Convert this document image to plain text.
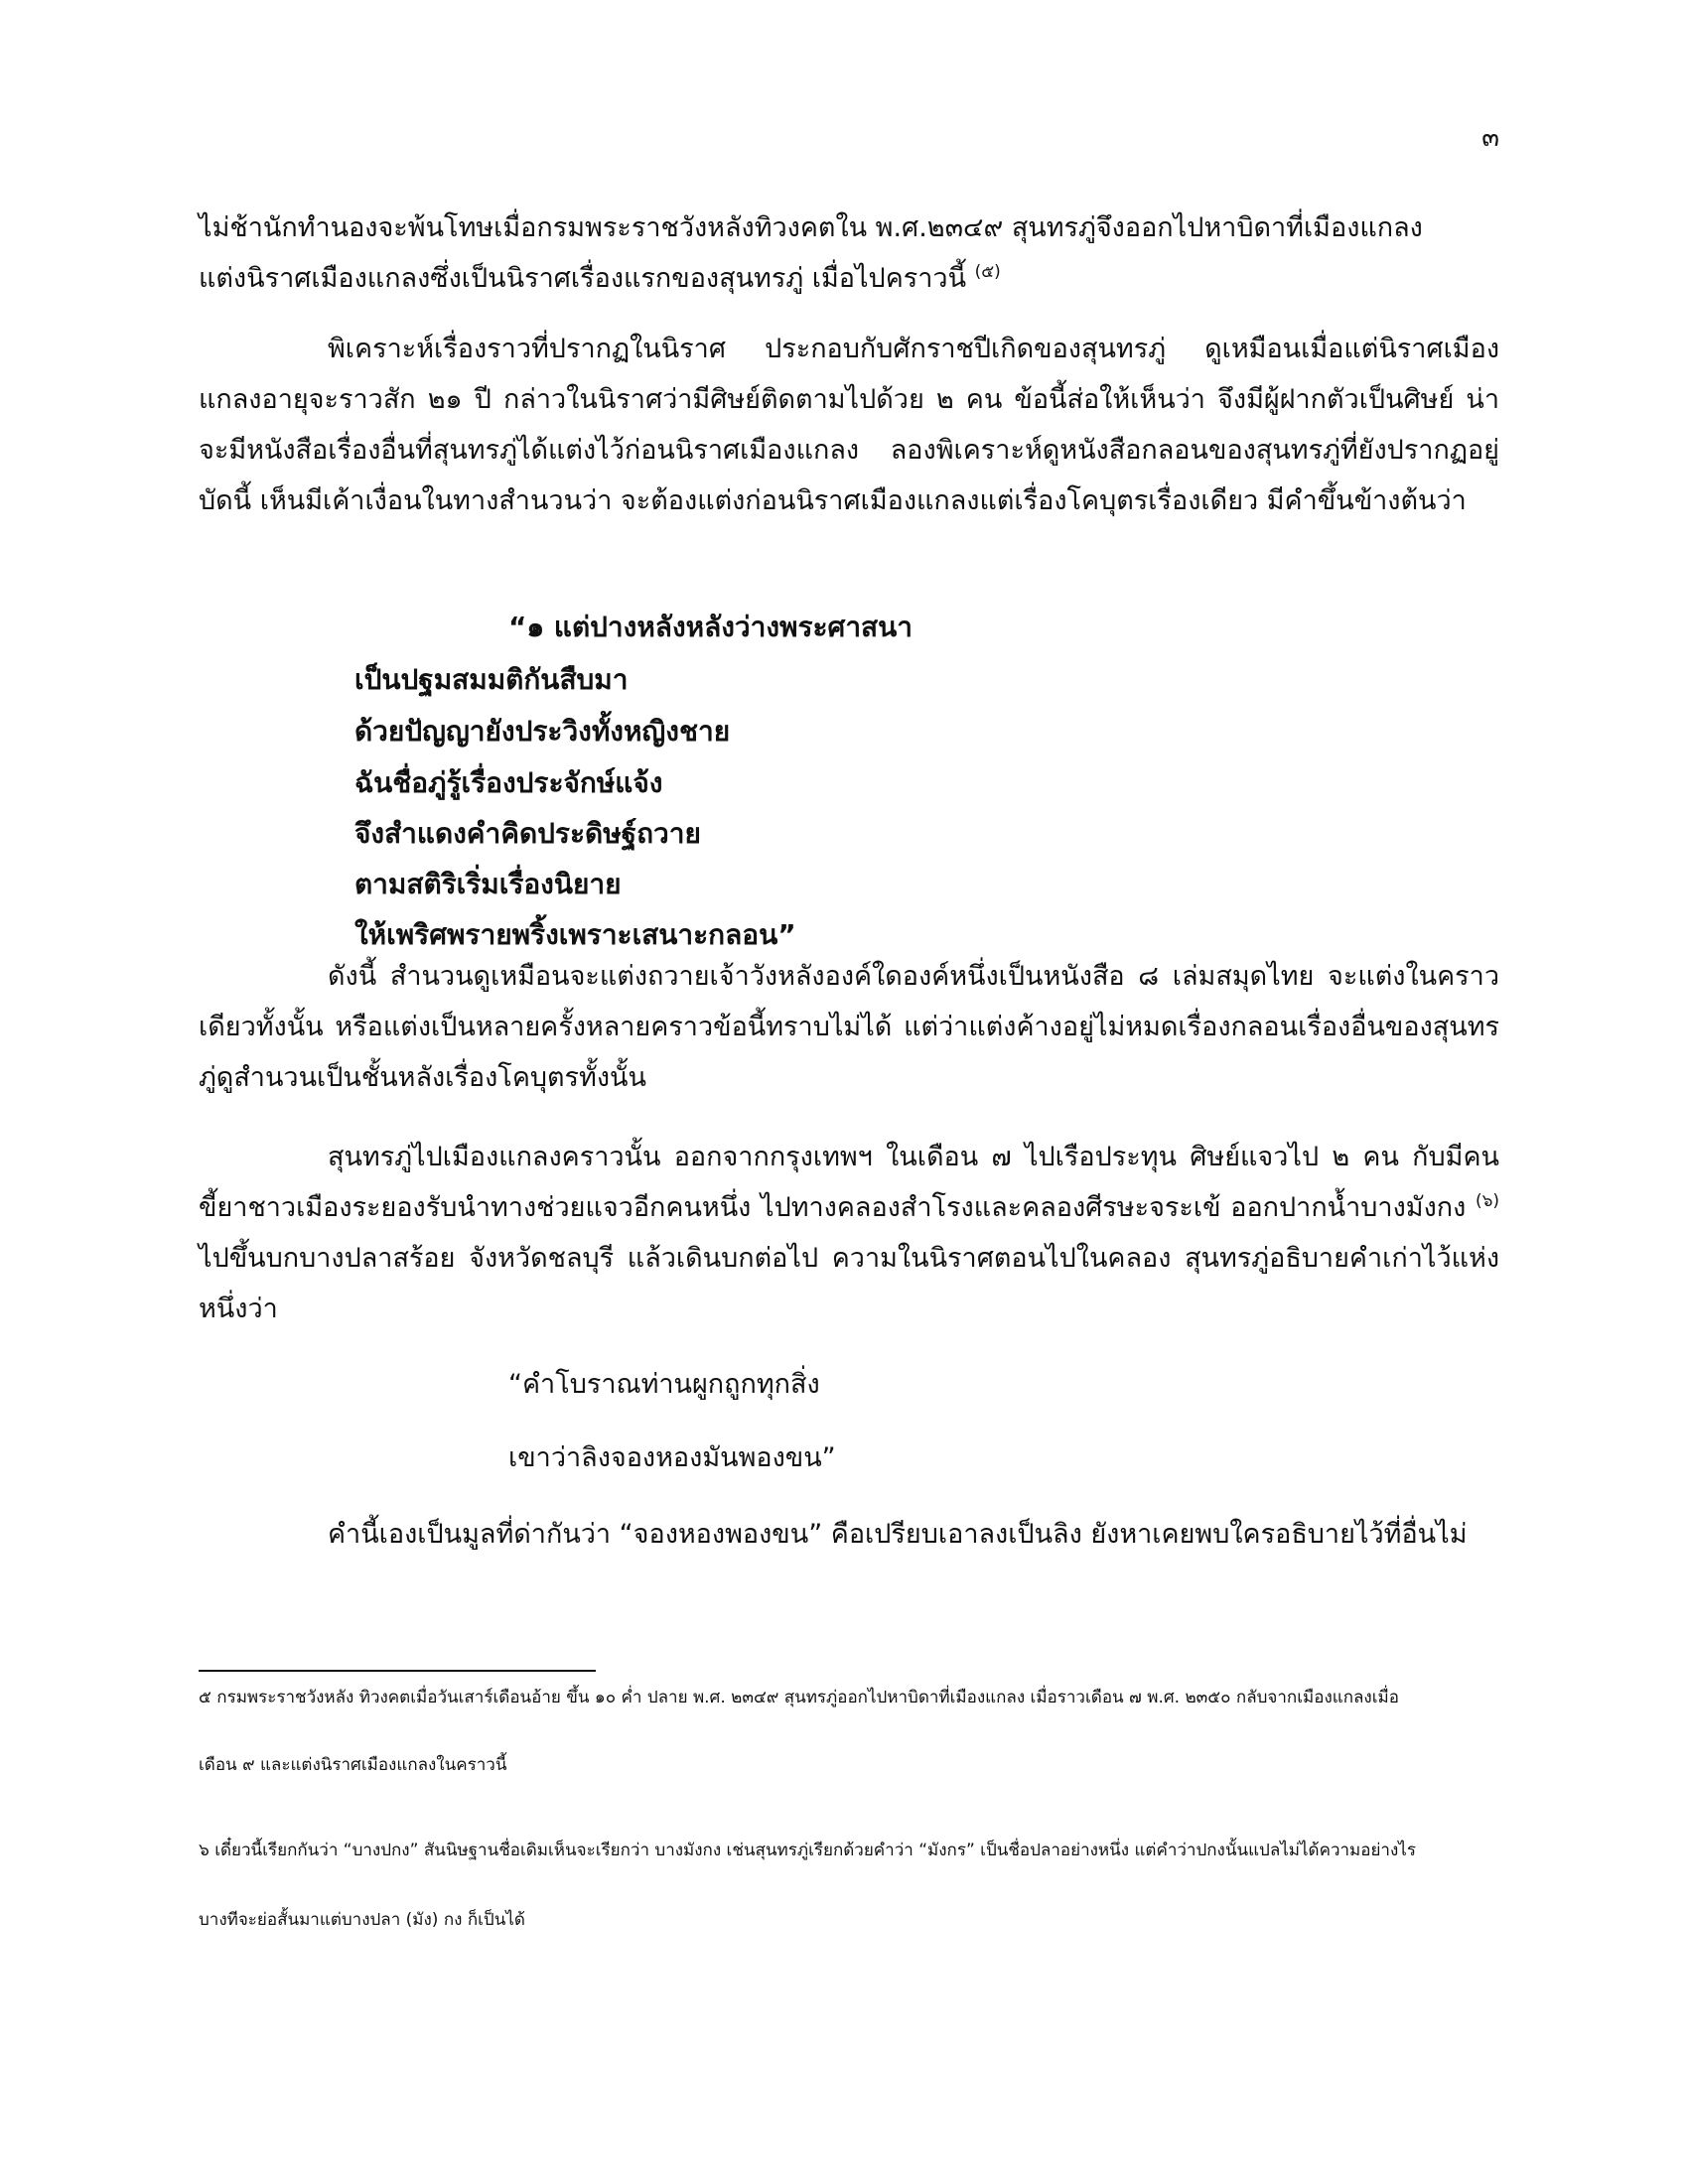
๓
ไม่ช้านักทำนองจะพ้นโทษเมื่อกรมพระราชวังหลังทิวงคตใน พ.ศ.๒๓๔๙ สุนทรภู่จึงออกไปหาบิดาที่เมืองแกลง
แต่งนิราศเมืองแกลงซึ่งเป็นนิราศเรื่องแรกของสุนทรภู่ เมื่อไปคราวนี้ $^{(๕)}$

พิเคราะห์เรื่องราวที่ปรากฏในนิราศ ประกอบกับศักราชปีเกิดของสุนทรภู่ ดูเหมือนเมื่อแต่นิราศเมืองแกลงอายุจะราวสัก ๒๑ ปี กล่าวในนิราศว่ามีศิษย์ติดตามไปด้วย ๒ คน ข้อนี้ส่อให้เห็นว่า จึงมีผู้ฝากตัวเป็นศิษย์ น่าจะมีหนังสือเรื่องอื่นที่สุนทรภู่ได้แต่งไว้ก่อนนิราศเมืองแกลง ลองพิเคราะห์ดูหนังสือกลอนของสุนทรภู่ที่ยังปรากฏอยู่ บัดนี้ เห็นมีเค้าเงื่อนในทางสำนวนว่า จะต้องแต่งก่อนนิราศเมืองแกลงแต่เรื่องโคบุตรเรื่องเดียว มีคำขึ้นข้างต้นว่า

“๑ แต่ปางหลังหลังว่างพระศาสนา
เป็นปฐมสมมติกันสืบมา
ด้วยปัญญายังประวิงทั้งหญิงชาย
ฉันชื่อภู่รู้เรื่องประจักษ์แจ้ง
จึงสำแดงคำคิดประดิษฐ์ถวาย
ตามสติริเริ่มเรื่องนิยาย
ให้เพริศพรายพริ้งเพราะเสนาะกลอน”

ดังนี้ สำนวนดูเหมือนจะแต่งถวายเจ้าวังหลังองค์ใดองค์หนึ่งเป็นหนังสือ ๘ เล่มสมุดไทย จะแต่งในคราวเดียวทั้งนั้น หรือแต่งเป็นหลายครั้งหลายคราวข้อนี้ทราบไม่ได้ แต่ว่าแต่งค้างอยู่ไม่หมดเรื่องกลอนเรื่องอื่นของสุนทรภู่ดูสำนวนเป็นชั้นหลังเรื่องโคบุตรทั้งนั้น

สุนทรภู่ไปเมืองแกลงคราวนั้น ออกจากกรุงเทพฯ ในเดือน ๗ ไปเรือประทุน ศิษย์แจวไป ๒ คน กับมีคนขี้ยาชาวเมืองระยองรับนำทางช่วยแจวอีกคนหนึ่ง ไปทางคลองสำโรงและคลองศีรษะจระเข้ ออกปากน้ำบางมังกง $^{(๖)}$ ไปขึ้นบกบางปลาสร้อย จังหวัดชลบุรี แล้วเดินบกต่อไป ความในนิราศตอนไปในคลอง สุนทรภู่อธิบายคำเก่าไว้แห่งหนึ่งว่า
“คำโบราณท่านผูกถูกทุกสิ่ง
เขาว่าลิงจองหองมันพองขน”

คำนี้เองเป็นมูลที่ด่ากันว่า “จองหองพองขน” คือเปรียบเอาลงเป็นลิง ยังหาเคยพบใครอธิบายไว้ที่อื่นไม่

๕ กรมพระราชวังหลัง ทิวงคตเมื่อวันเสาร์เดือนอ้าย ขึ้น ๑๐ ค่ำ ปลาย พ.ศ. ๒๓๔๙ สุนทรภู่ออกไปหาบิดาที่เมืองแกลง เมื่อราวเดือน ๗ พ.ศ. ๒๓๕๐ กลับจากเมืองแกลงเมื่อ
เดือน ๙ และแต่งนิราศเมืองแกลงในคราวนี้
๖ เดี๋ยวนี้เรียกกันว่า “บางปกง” สันนิษฐานชื่อเดิมเห็นจะเรียกว่า บางมังกง เช่นสุนทรภู่เรียกด้วยคำว่า “มังกร” เป็นชื่อปลาอย่างหนึ่ง แต่คำว่าปกงนั้นแปลไม่ได้ความอย่างไร
บางทีจะย่อสั้นมาแต่บางปลา (มัง) กง ก็เป็นได้
